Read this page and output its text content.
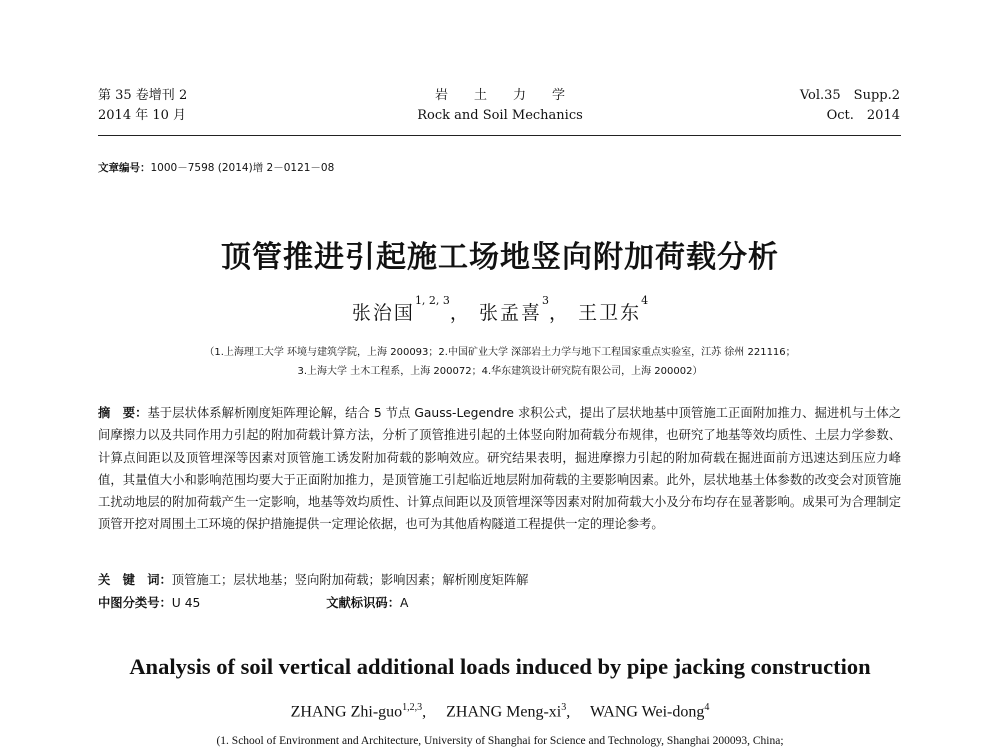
第 35 卷增刊 2
2014 年 10 月
岩　　土　　力　　学
Rock and Soil Mechanics
Vol.35　Supp.2
Oct.　2014
文章编号：1000－7598 (2014)增 2－0121－08
顶管推进引起施工场地竖向附加荷载分析
张治国$^{1, 2, 3}$， 张孟喜$^3$， 王卫东$^4$
（1.上海理工大学 环境与建筑学院，上海 200093；2.中国矿业大学 深部岩土力学与地下工程国家重点实验室，江苏 徐州 221116；
3.上海大学 土木工程系，上海 200072；4.华东建筑设计研究院有限公司，上海 200002）
摘　要：基于层状体系解析刚度矩阵理论解，结合 5 节点 Gauss-Legendre 求积公式，提出了层状地基中顶管施工正面附加推力、掘进机与土体之间摩擦力以及共同作用力引起的附加荷载计算方法，分析了顶管推进引起的土体竖向附加荷载分布规律，也研究了地基等效均质性、土层力学参数、计算点间距以及顶管埋深等因素对顶管施工诱发附加荷载的影响效应。研究结果表明，掘进摩擦力引起的附加荷载在掘进面前方迅速达到压应力峰值，其量值大小和影响范围均要大于正面附加推力，是顶管施工引起临近地层附加荷载的主要影响因素。此外，层状地基土体参数的改变会对顶管施工扰动地层的附加荷载产生一定影响，地基等效均质性、计算点间距以及顶管埋深等因素对附加荷载大小及分布均存在显著影响。成果可为合理制定顶管开挖对周围土工环境的保护措施提供一定理论依据，也可为其他盾构隧道工程提供一定的理论参考。
关　键　词：顶管施工；层状地基；竖向附加荷载；影响因素；解析刚度矩阵解
中图分类号：U 45	文献标识码：A
Analysis of soil vertical additional loads induced by pipe jacking construction
ZHANG Zhi-guo$^{1,2,3}$, ZHANG Meng-$xi^3$, WANG Wei-dong$^4$
(1. School of Environment and Architecture, University of Shanghai for Science and Technology, Shanghai 200093, China;
